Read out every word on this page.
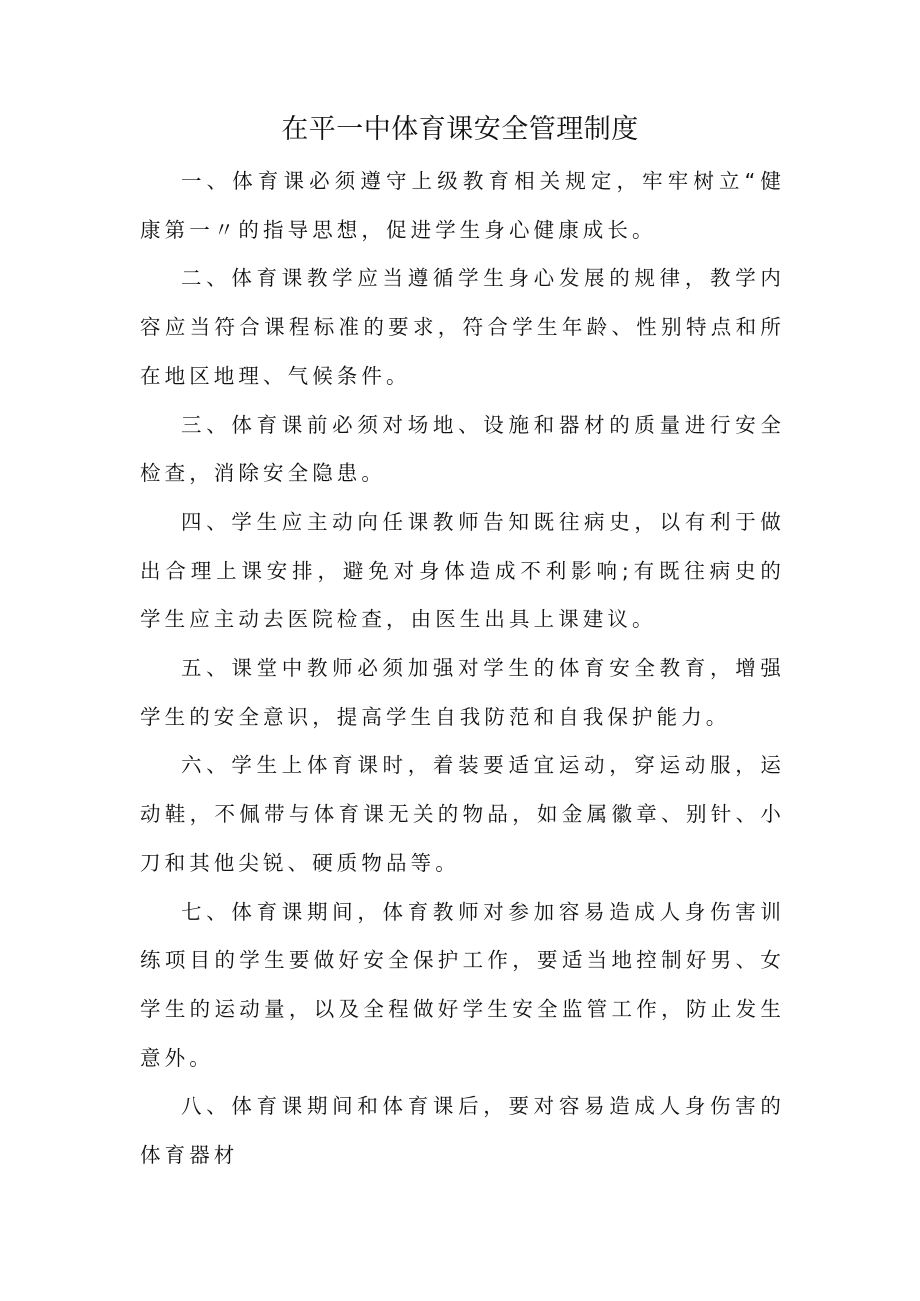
在平一中体育课安全管理制度

一、体育课必须遵守上级教育相关规定，牢牢树立“健康第一〃的指导思想，促进学生身心健康成长。

二、体育课教学应当遵循学生身心发展的规律，教学内容应当符合课程标准的要求，符合学生年龄、性别特点和所在地区地理、气候条件。

三、体育课前必须对场地、设施和器材的质量进行安全检查，消除安全隐患。

四、学生应主动向任课教师告知既往病史，以有利于做出合理上课安排，避免对身体造成不利影响;有既往病史的学生应主动去医院检查，由医生出具上课建议。

五、课堂中教师必须加强对学生的体育安全教育，增强学生的安全意识，提高学生自我防范和自我保护能力。

六、学生上体育课时，着装要适宜运动，穿运动服，运动鞋，不佩带与体育课无关的物品，如金属徽章、别针、小刀和其他尖锐、硬质物品等。

七、体育课期间，体育教师对参加容易造成人身伤害训练项目的学生要做好安全保护工作，要适当地控制好男、女学生的运动量，以及全程做好学生安全监管工作，防止发生意外。

八、体育课期间和体育课后，要对容易造成人身伤害的体育器材
